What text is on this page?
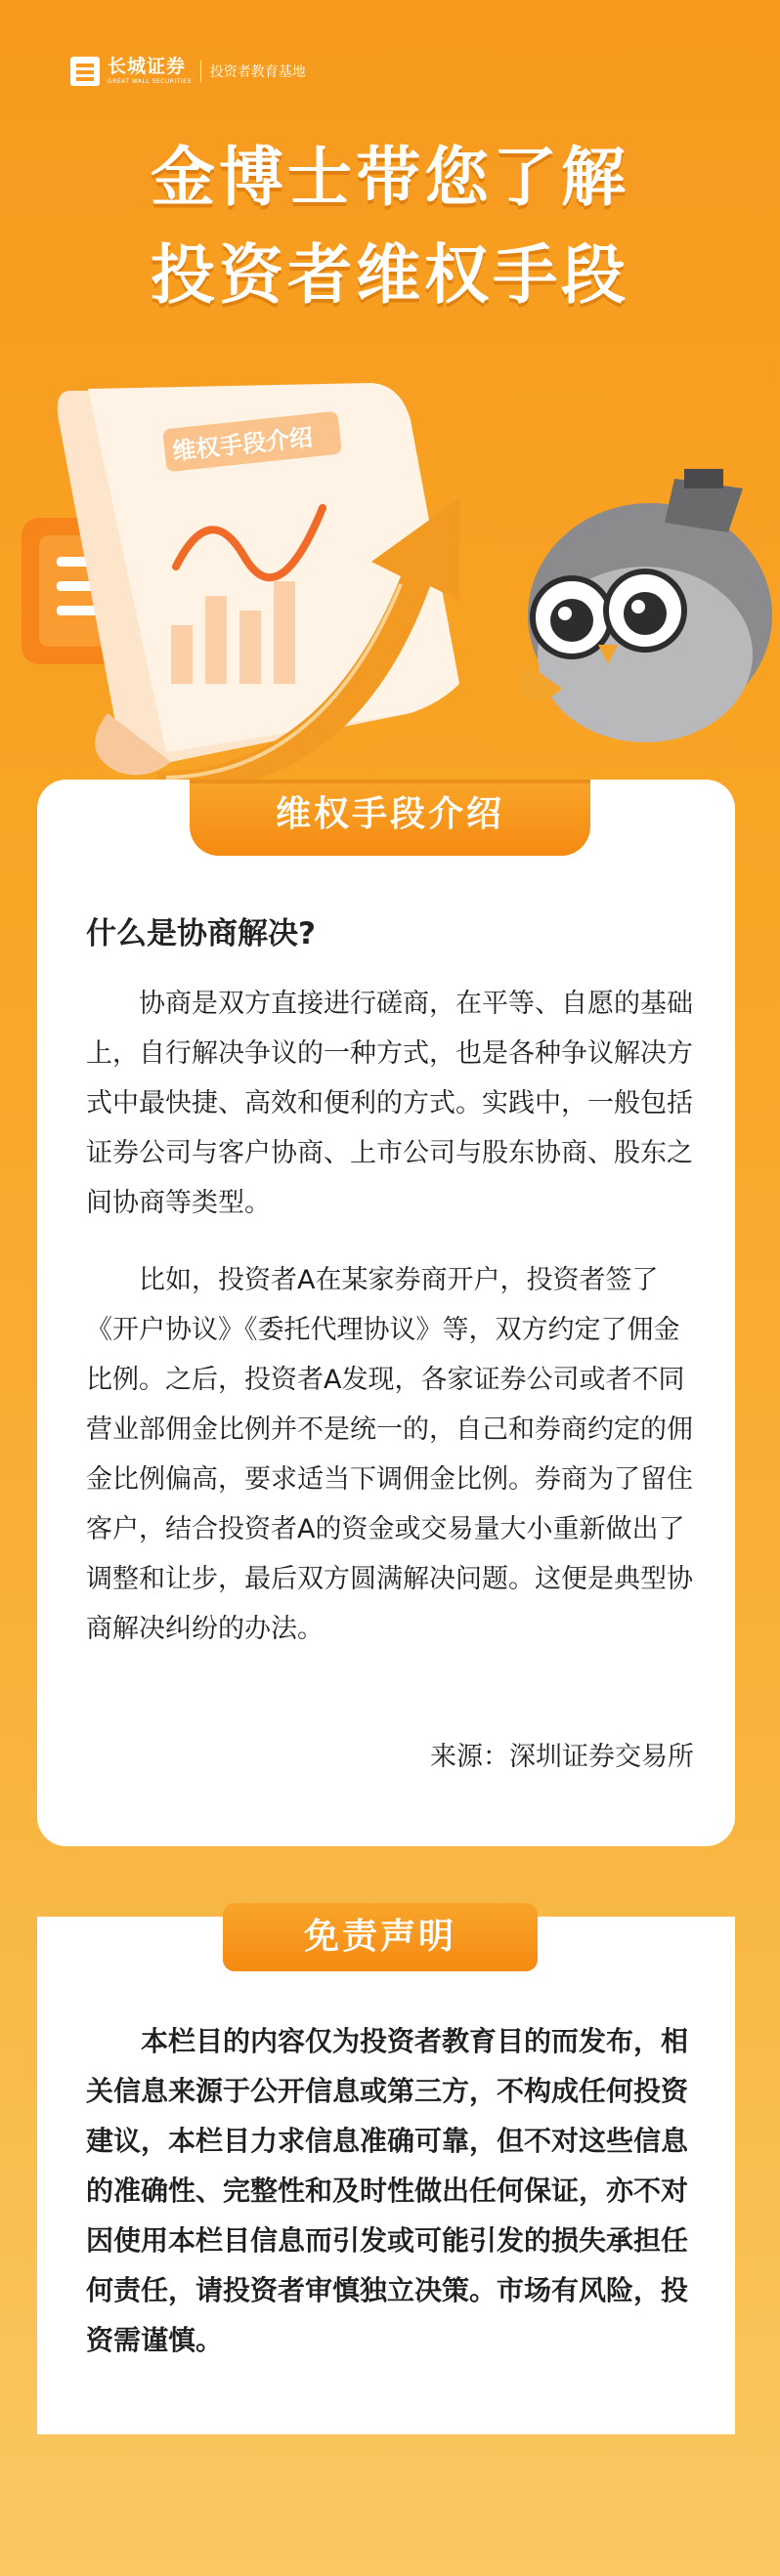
长城证券
GREAT WALL SECURITIES
投资者教育基地
金博士带您了解
投资者维权手段
维权手段介绍
维权手段介绍
什么是协商解决?

协商是双方直接进行磋商，在平等、自愿的基础上，自行解决争议的一种方式，也是各种争议解决方式中最快捷、高效和便利的方式。实践中，一般包括证券公司与客户协商、上市公司与股东协商、股东之间协商等类型。

比如，投资者A在某家券商开户，投资者签了《开户协议》《委托代理协议》等，双方约定了佣金比例。之后，投资者A发现，各家证券公司或者不同营业部佣金比例并不是统一的，自己和券商约定的佣金比例偏高，要求适当下调佣金比例。券商为了留住客户，结合投资者A的资金或交易量大小重新做出了调整和让步，最后双方圆满解决问题。这便是典型协商解决纠纷的办法。

来源：深圳证券交易所
免责声明

本栏目的内容仅为投资者教育目的而发布，相关信息来源于公开信息或第三方，不构成任何投资建议，本栏目力求信息准确可靠，但不对这些信息的准确性、完整性和及时性做出任何保证，亦不对因使用本栏目信息而引发或可能引发的损失承担任何责任，请投资者审慎独立决策。市场有风险，投资需谨慎。
